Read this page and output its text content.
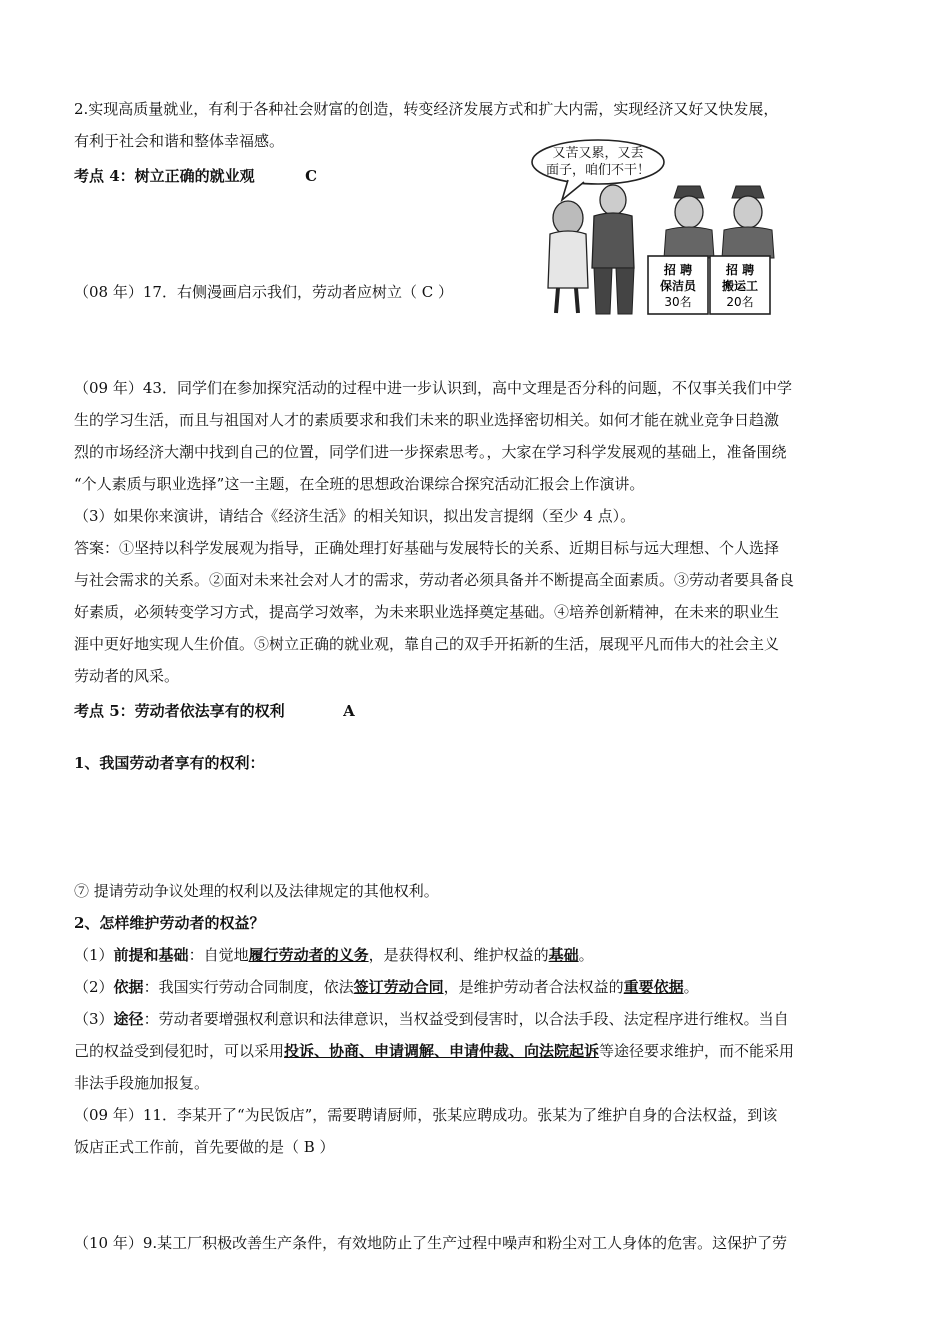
2.实现高质量就业，有利于各种社会财富的创造，转变经济发展方式和扩大内需，实现经济又好又快发展，
有利于社会和谐和整体幸福感。
考点 4：树立正确的就业观	C
（08 年）17．右侧漫画启示我们，劳动者应树立（ C ）
又苦又累，又丢
面子，咱们不干！
招 聘
保洁员
30名
招 聘
搬运工
20名
（09 年）43．同学们在参加探究活动的过程中进一步认识到，高中文理是否分科的问题，不仅事关我们中学
生的学习生活，而且与祖国对人才的素质要求和我们未来的职业选择密切相关。如何才能在就业竞争日趋激
烈的市场经济大潮中找到自己的位置，同学们进一步探索思考。，大家在学习科学发展观的基础上，准备围绕
“个人素质与职业选择”这一主题，在全班的思想政治课综合探究活动汇报会上作演讲。
（3）如果你来演讲，请结合《经济生活》的相关知识，拟出发言提纲（至少 4 点）。
答案：①坚持以科学发展观为指导，正确处理打好基础与发展特长的关系、近期目标与远大理想、个人选择
与社会需求的关系。②面对未来社会对人才的需求，劳动者必须具备并不断提高全面素质。③劳动者要具备良
好素质，必须转变学习方式，提高学习效率，为未来职业选择奠定基础。④培养创新精神，在未来的职业生
涯中更好地实现人生价值。⑤树立正确的就业观，靠自己的双手开拓新的生活，展现平凡而伟大的社会主义
劳动者的风采。
考点 5：劳动者依法享有的权利	A
1、我国劳动者享有的权利：
⑦ 提请劳动争议处理的权利以及法律规定的其他权利。
2、怎样维护劳动者的权益？
（1）前提和基础：自觉地履行劳动者的义务，是获得权利、维护权益的基础。
（2）依据：我国实行劳动合同制度，依法签订劳动合同，是维护劳动者合法权益的重要依据。
（3）途径：劳动者要增强权利意识和法律意识，当权益受到侵害时，以合法手段、法定程序进行维权。当自
己的权益受到侵犯时，可以采用投诉、协商、申请调解、申请仲裁、向法院起诉等途径要求维护，而不能采用
非法手段施加报复。
（09 年）11．李某开了“为民饭店”，需要聘请厨师，张某应聘成功。张某为了维护自身的合法权益，到该
饭店正式工作前，首先要做的是（ B ）
（10 年）9.某工厂积极改善生产条件，有效地防止了生产过程中噪声和粉尘对工人身体的危害。这保护了劳
